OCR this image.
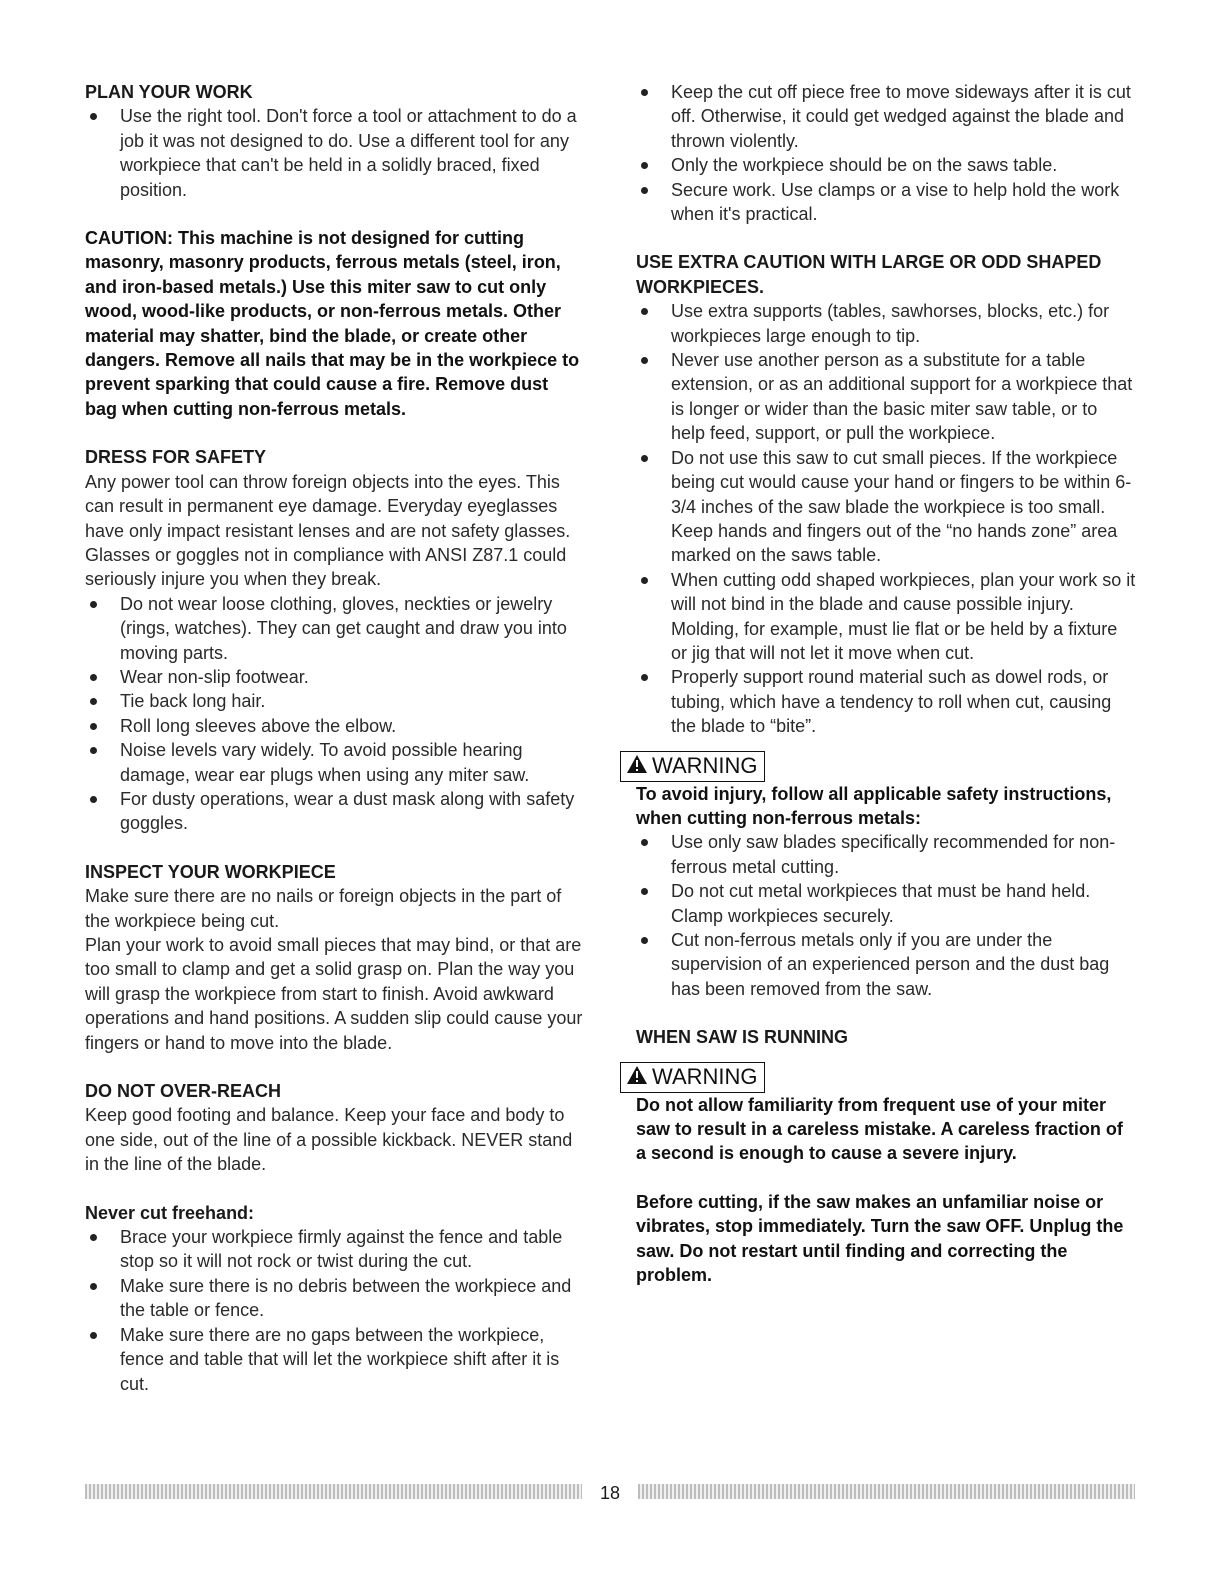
PLAN YOUR WORK

Use the right tool. Don't force a tool or attachment to do a job it was not designed to do. Use a different tool for any workpiece that can't be held in a solidly braced, fixed position.

CAUTION: This machine is not designed for cutting masonry, masonry products, ferrous metals (steel, iron, and iron-based metals.) Use this miter saw to cut only wood, wood-like products, or non-ferrous metals. Other material may shatter, bind the blade, or create other dangers. Remove all nails that may be in the workpiece to prevent sparking that could cause a fire. Remove dust bag when cutting non-ferrous metals.

DRESS FOR SAFETY

Any power tool can throw foreign objects into the eyes. This can result in permanent eye damage. Everyday eyeglasses have only impact resistant lenses and are not safety glasses. Glasses or goggles not in compliance with ANSI Z87.1 could seriously injure you when they break.

Do not wear loose clothing, gloves, neckties or jewelry (rings, watches). They can get caught and draw you into moving parts.
Wear non-slip footwear.
Tie back long hair.
Roll long sleeves above the elbow.
Noise levels vary widely. To avoid possible hearing damage, wear ear plugs when using any miter saw.
For dusty operations, wear a dust mask along with safety goggles.

INSPECT YOUR WORKPIECE

Make sure there are no nails or foreign objects in the part of the workpiece being cut.

Plan your work to avoid small pieces that may bind, or that are too small to clamp and get a solid grasp on. Plan the way you will grasp the workpiece from start to finish. Avoid awkward operations and hand positions. A sudden slip could cause your fingers or hand to move into the blade.

DO NOT OVER-REACH

Keep good footing and balance. Keep your face and body to one side, out of the line of a possible kickback. NEVER stand in the line of the blade.

Never cut freehand:

Brace your workpiece firmly against the fence and table stop so it will not rock or twist during the cut.
Make sure there is no debris between the workpiece and the table or fence.
Make sure there are no gaps between the workpiece, fence and table that will let the workpiece shift after it is cut.
Keep the cut off piece free to move sideways after it is cut off. Otherwise, it could get wedged against the blade and thrown violently.
Only the workpiece should be on the saws table.
Secure work. Use clamps or a vise to help hold the work when it's practical.

USE EXTRA CAUTION WITH LARGE OR ODD SHAPED WORKPIECES.

Use extra supports (tables, sawhorses, blocks, etc.) for workpieces large enough to tip.
Never use another person as a substitute for a table extension, or as an additional support for a workpiece that is longer or wider than the basic miter saw table, or to help feed, support, or pull the workpiece.
Do not use this saw to cut small pieces. If the workpiece being cut would cause your hand or fingers to be within 6-3/4 inches of the saw blade the workpiece is too small. Keep hands and fingers out of the “no hands zone” area marked on the saws table.
When cutting odd shaped workpieces, plan your work so it will not bind in the blade and cause possible injury. Molding, for example, must lie flat or be held by a fixture or jig that will not let it move when cut.
Properly support round material such as dowel rods, or tubing, which have a tendency to roll when cut, causing the blade to “bite”.
WARNING

To avoid injury, follow all applicable safety instructions, when cutting non-ferrous metals:

Use only saw blades specifically recommended for non-ferrous metal cutting.
Do not cut metal workpieces that must be hand held. Clamp workpieces securely.
Cut non-ferrous metals only if you are under the supervision of an experienced person and the dust bag has been removed from the saw.

WHEN SAW IS RUNNING

WARNING

Do not allow familiarity from frequent use of your miter saw to result in a careless mistake. A careless fraction of a second is enough to cause a severe injury.

Before cutting, if the saw makes an unfamiliar noise or vibrates, stop immediately. Turn the saw OFF. Unplug the saw. Do not restart until finding and correcting the problem.

18
